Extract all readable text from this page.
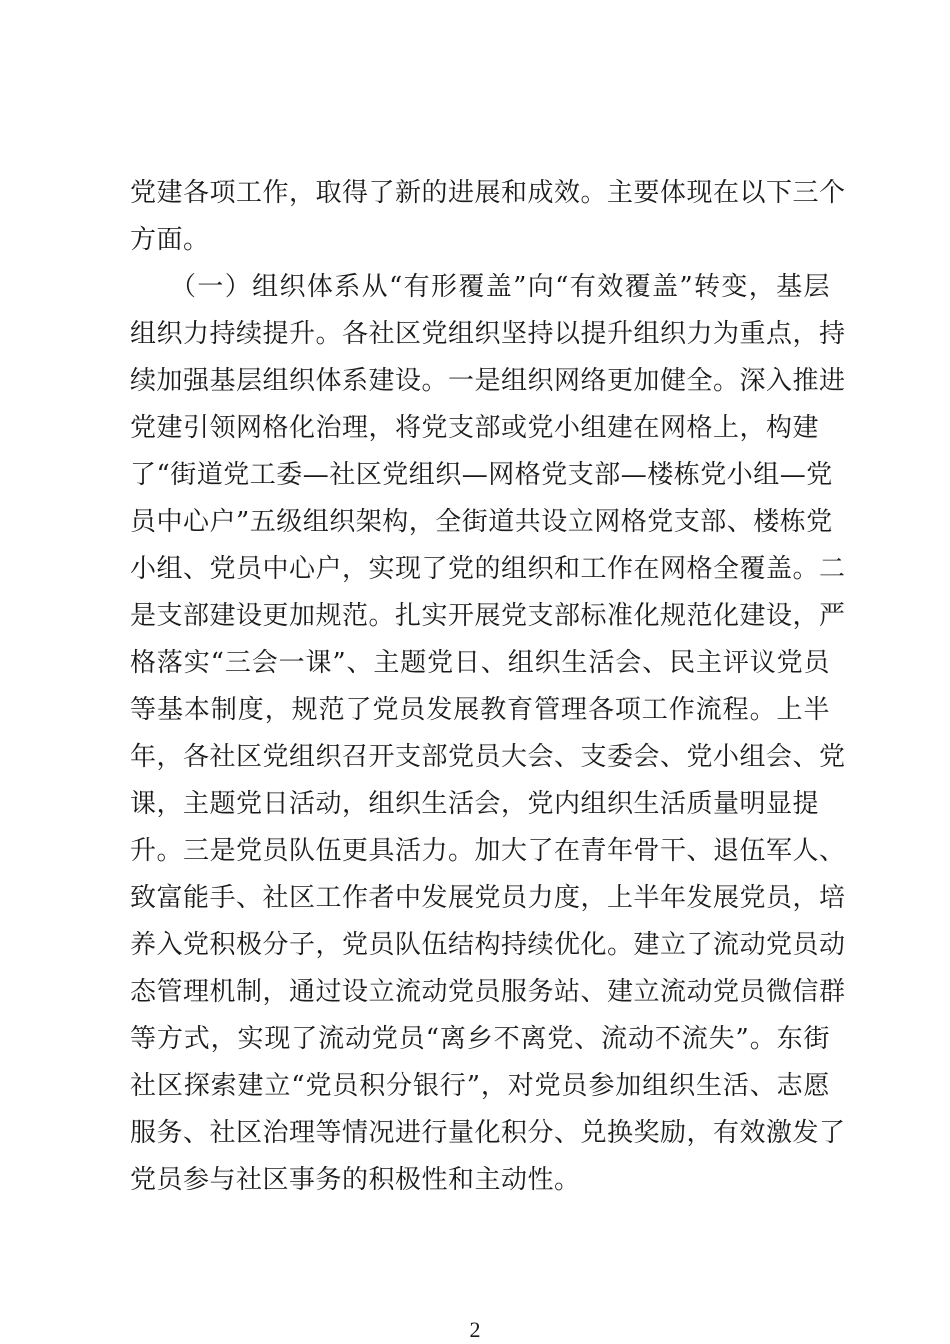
党建各项工作，取得了新的进展和成效。主要体现在以下三个
方面。
（一）组织体系从“有形覆盖”向“有效覆盖”转变，基层
组织力持续提升。各社区党组织坚持以提升组织力为重点，持
续加强基层组织体系建设。一是组织网络更加健全。深入推进
党建引领网格化治理，将党支部或党小组建在网格上，构建
了“街道党工委—社区党组织—网格党支部—楼栋党小组—党
员中心户”五级组织架构，全街道共设立网格党支部、楼栋党
小组、党员中心户，实现了党的组织和工作在网格全覆盖。二
是支部建设更加规范。扎实开展党支部标准化规范化建设，严
格落实“三会一课”、主题党日、组织生活会、民主评议党员
等基本制度，规范了党员发展教育管理各项工作流程。上半
年，各社区党组织召开支部党员大会、支委会、党小组会、党
课，主题党日活动，组织生活会，党内组织生活质量明显提
升。三是党员队伍更具活力。加大了在青年骨干、退伍军人、
致富能手、社区工作者中发展党员力度，上半年发展党员，培
养入党积极分子，党员队伍结构持续优化。建立了流动党员动
态管理机制，通过设立流动党员服务站、建立流动党员微信群
等方式，实现了流动党员“离乡不离党、流动不流失”。东街
社区探索建立“党员积分银行”，对党员参加组织生活、志愿
服务、社区治理等情况进行量化积分、兑换奖励，有效激发了
党员参与社区事务的积极性和主动性。
2
